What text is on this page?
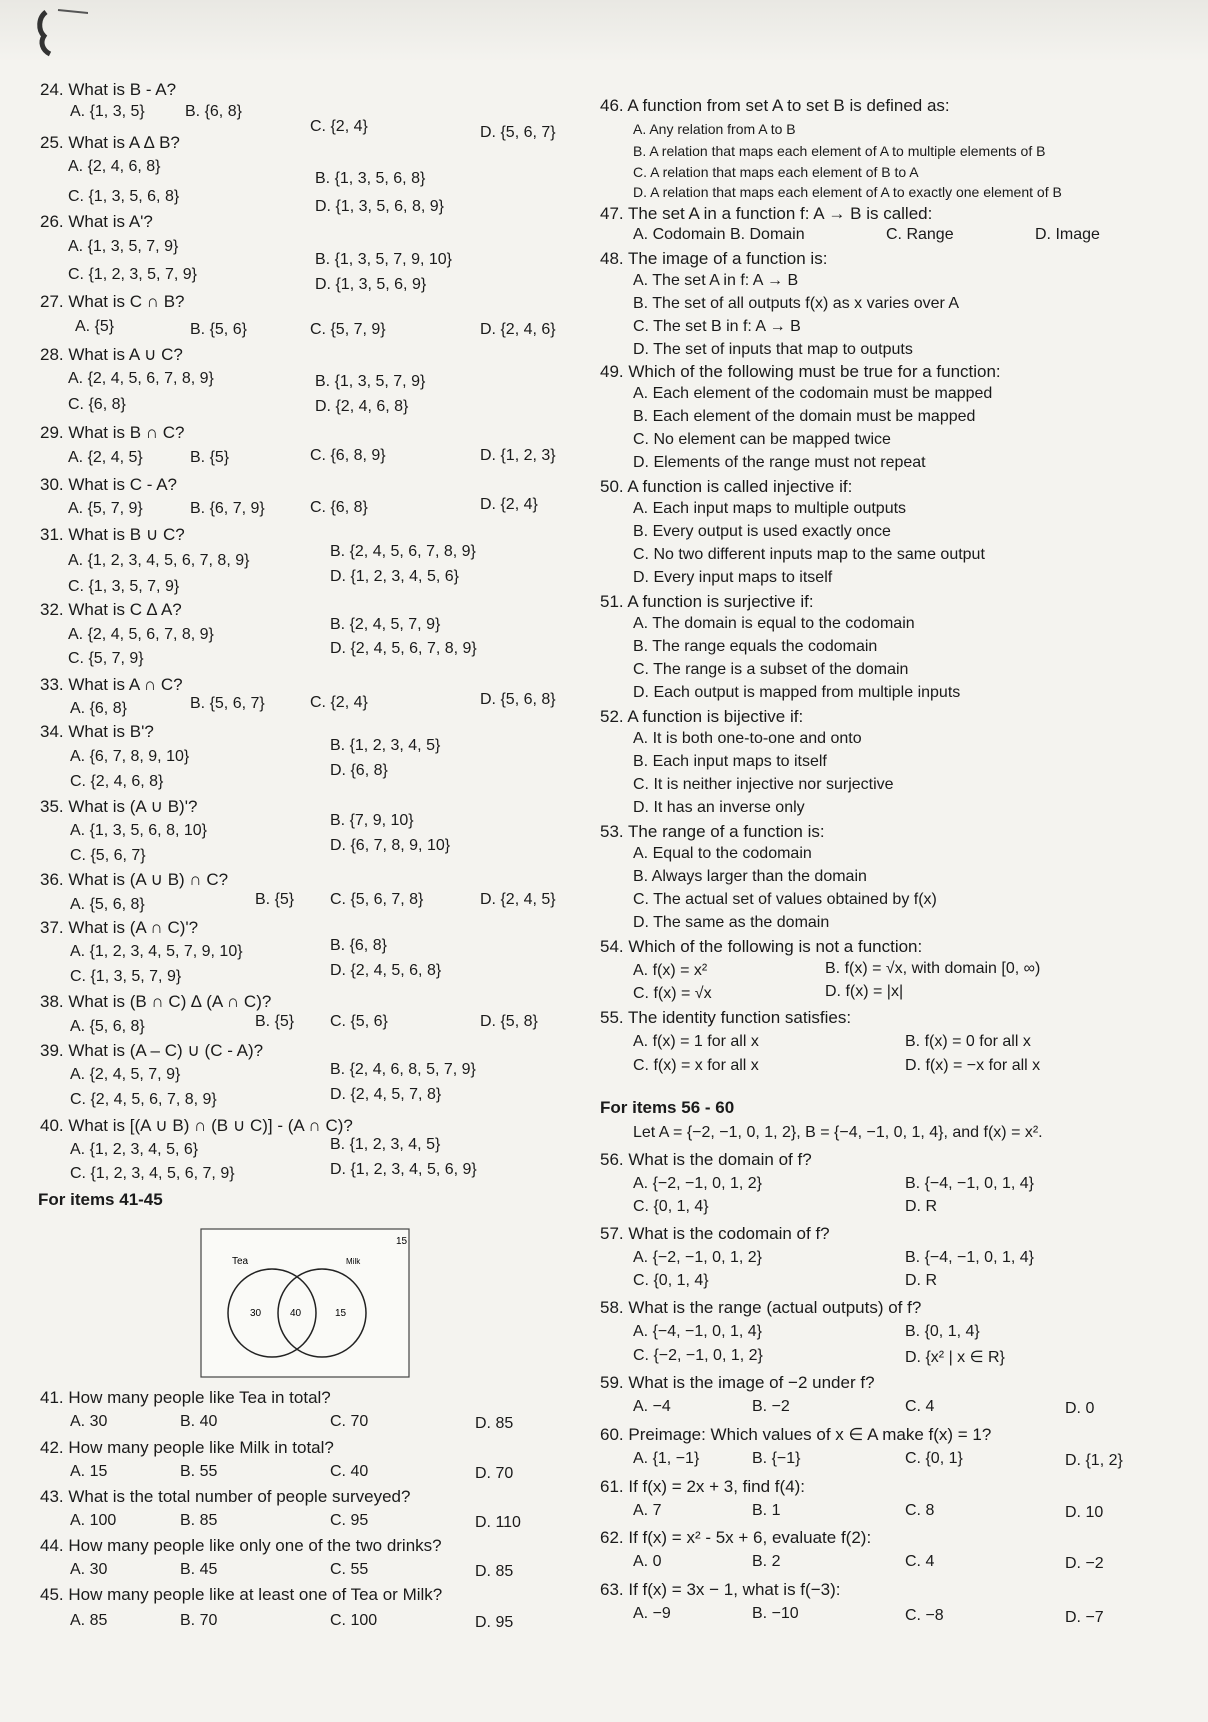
24. What is B - A?
A. {1, 3, 5}	B. {6, 8}
C. {2, 4}	D. {5, 6, 7}
25. What is A ∆ B?
A. {2, 4, 6, 8}
B. {1, 3, 5, 6, 8}
C. {1, 3, 5, 6, 8}
D. {1, 3, 5, 6, 8, 9}
26. What is A'?
A. {1, 3, 5, 7, 9}
B. {1, 3, 5, 7, 9, 10}
C. {1, 2, 3, 5, 7, 9}
D. {1, 3, 5, 6, 9}
27. What is C ∩ B?
A. {5}	B. {5, 6}	C. {5, 7, 9}	D. {2, 4, 6}
28. What is A ∪ C?
A. {2, 4, 5, 6, 7, 8, 9}	B. {1, 3, 5, 7, 9}
C. {6, 8}	D. {2, 4, 6, 8}
29. What is B ∩ C?
A. {2, 4, 5}	B. {5}	C. {6, 8, 9}	D. {1, 2, 3}
30. What is C - A?
A. {5, 7, 9}	B. {6, 7, 9}	C. {6, 8}	D. {2, 4}
31. What is B ∪ C?
A. {1, 2, 3, 4, 5, 6, 7, 8, 9}
B. {2, 4, 5, 6, 7, 8, 9}
C. {1, 3, 5, 7, 9}
D. {1, 2, 3, 4, 5, 6}
32. What is C ∆ A?
A. {2, 4, 5, 6, 7, 8, 9}
B. {2, 4, 5, 7, 9}
C. {5, 7, 9}
D. {2, 4, 5, 6, 7, 8, 9}
33. What is A ∩ C?
A. {6, 8}	B. {5, 6, 7}	C. {2, 4}	D. {5, 6, 8}
34. What is B'?
A. {6, 7, 8, 9, 10}
B. {1, 2, 3, 4, 5}
C. {2, 4, 6, 8}
D. {6, 8}
35. What is (A ∪ B)'?
A. {1, 3, 5, 6, 8, 10}
B. {7, 9, 10}
C. {5, 6, 7}
D. {6, 7, 8, 9, 10}
36. What is (A ∪ B) ∩ C?
A. {5, 6, 8}	B. {5} C. {5, 6, 7, 8}	D. {2, 4, 5}
37. What is (A ∩ C)'?
A. {1, 2, 3, 4, 5, 7, 9, 10}	B. {6, 8}
C. {1, 3, 5, 7, 9}	D. {2, 4, 5, 6, 8}
38. What is (B ∩ C) ∆ (A ∩ C)?
A. {5, 6, 8}	B. {5} C. {5, 6}	D. {5, 8}
39. What is (A – C) ∪ (C - A)?
A. {2, 4, 5, 7, 9}	B. {2, 4, 6, 8, 5, 7, 9}
C. {2, 4, 5, 6, 7, 8, 9}	D. {2, 4, 5, 7, 8}
40. What is [(A ∪ B) ∩ (B ∪ C)] - (A ∩ C)?
A. {1, 2, 3, 4, 5, 6}	B. {1, 2, 3, 4, 5}
C. {1, 2, 3, 4, 5, 6, 7, 9}	D. {1, 2, 3, 4, 5, 6, 9}
41. How many people like Tea in total?
A. 30	B. 40	C. 70	D. 85
42. How many people like Milk in total?
A. 15	B. 55	C. 40	D. 70
43. What is the total number of people surveyed?
A. 100	B. 85	C. 95	D. 110
44. How many people like only one of the two drinks?
A. 30	B. 45	C. 55	D. 85
45. How many people like at least one of Tea or Milk?
A. 85	B. 70	C. 100	D. 95
For items 41-45
15
Tea	Milk
30	40	15
46. A function from set A to set B is defined as:
A. Any relation from A to B
B. A relation that maps each element of A to multiple elements of B
C. A relation that maps each element of B to A
D. A relation that maps each element of A to exactly one element of B
47. The set A in a function f: A → B is called:
A. Codomain B. Domain	C. Range	D. Image
48. The image of a function is:
A. The set A in f: A → B
B. The set of all outputs f(x) as x varies over A
C. The set B in f: A → B
D. The set of inputs that map to outputs
49. Which of the following must be true for a function:
A. Each element of the codomain must be mapped
B. Each element of the domain must be mapped
C. No element can be mapped twice
D. Elements of the range must not repeat
50. A function is called injective if:
A. Each input maps to multiple outputs
B. Every output is used exactly once
C. No two different inputs map to the same output
D. Every input maps to itself
51. A function is surjective if:
A. The domain is equal to the codomain
B. The range equals the codomain
C. The range is a subset of the domain
D. Each output is mapped from multiple inputs
52. A function is bijective if:
A. It is both one-to-one and onto
B. Each input maps to itself
C. It is neither injective nor surjective
D. It has an inverse only
53. The range of a function is:
A. Equal to the codomain
B. Always larger than the domain
C. The actual set of values obtained by f(x)
D. The same as the domain
54. Which of the following is not a function:
A. f(x) = x²	B. f(x) = √x, with domain [0, ∞)
C. f(x) = √x	D. f(x) = |x|
55. The identity function satisfies:
A. f(x) = 1 for all x	B. f(x) = 0 for all x
C. f(x) = x for all x	D. f(x) = −x for all x
56. What is the domain of f?
A. {−2, −1, 0, 1, 2}	B. {−4, −1, 0, 1, 4}
C. {0, 1, 4}	D. R
57. What is the codomain of f?
A. {−2, −1, 0, 1, 2}	B. {−4, −1, 0, 1, 4}
C. {0, 1, 4}	D. R
58. What is the range (actual outputs) of f?
A. {−4, −1, 0, 1, 4}	B. {0, 1, 4}
C. {−2, −1, 0, 1, 2}	D. {x² | x ∈ R}
59. What is the image of −2 under f?
A. −4	B. −2	C. 4	D. 0
60. Preimage: Which values of x ∈ A make f(x) = 1?
A. {1, −1}	B. {−1}	C. {0, 1}	D. {1, 2}
61. If f(x) = 2x + 3, find f(4):
A. 7	B. 1	C. 8	D. 10
62. If f(x) = x² - 5x + 6, evaluate f(2):
A. 0	B. 2	C. 4	D. −2
63. If f(x) = 3x − 1, what is f(−3):
A. −9	B. −10	C. −8	D. −7
For items 56 - 60
Let A = {−2, −1, 0, 1, 2}, B = {−4, −1, 0, 1, 4}, and f(x) = x².
